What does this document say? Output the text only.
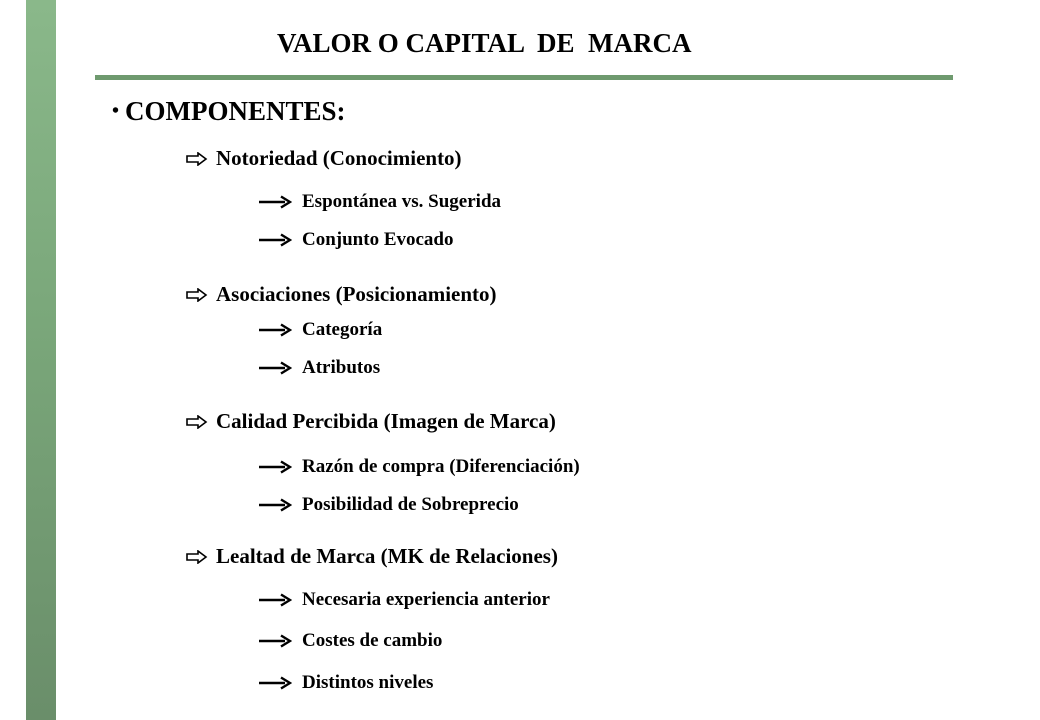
VALOR O CAPITAL  DE  MARCA
• COMPONENTES:
Notoriedad (Conocimiento)
Espontánea vs. Sugerida
Conjunto Evocado
Asociaciones (Posicionamiento)
Categoría
Atributos
Calidad Percibida (Imagen de Marca)
Razón de compra (Diferenciación)
Posibilidad de Sobreprecio
Lealtad de Marca (MK de Relaciones)
Necesaria experiencia anterior
Costes de cambio
Distintos niveles
